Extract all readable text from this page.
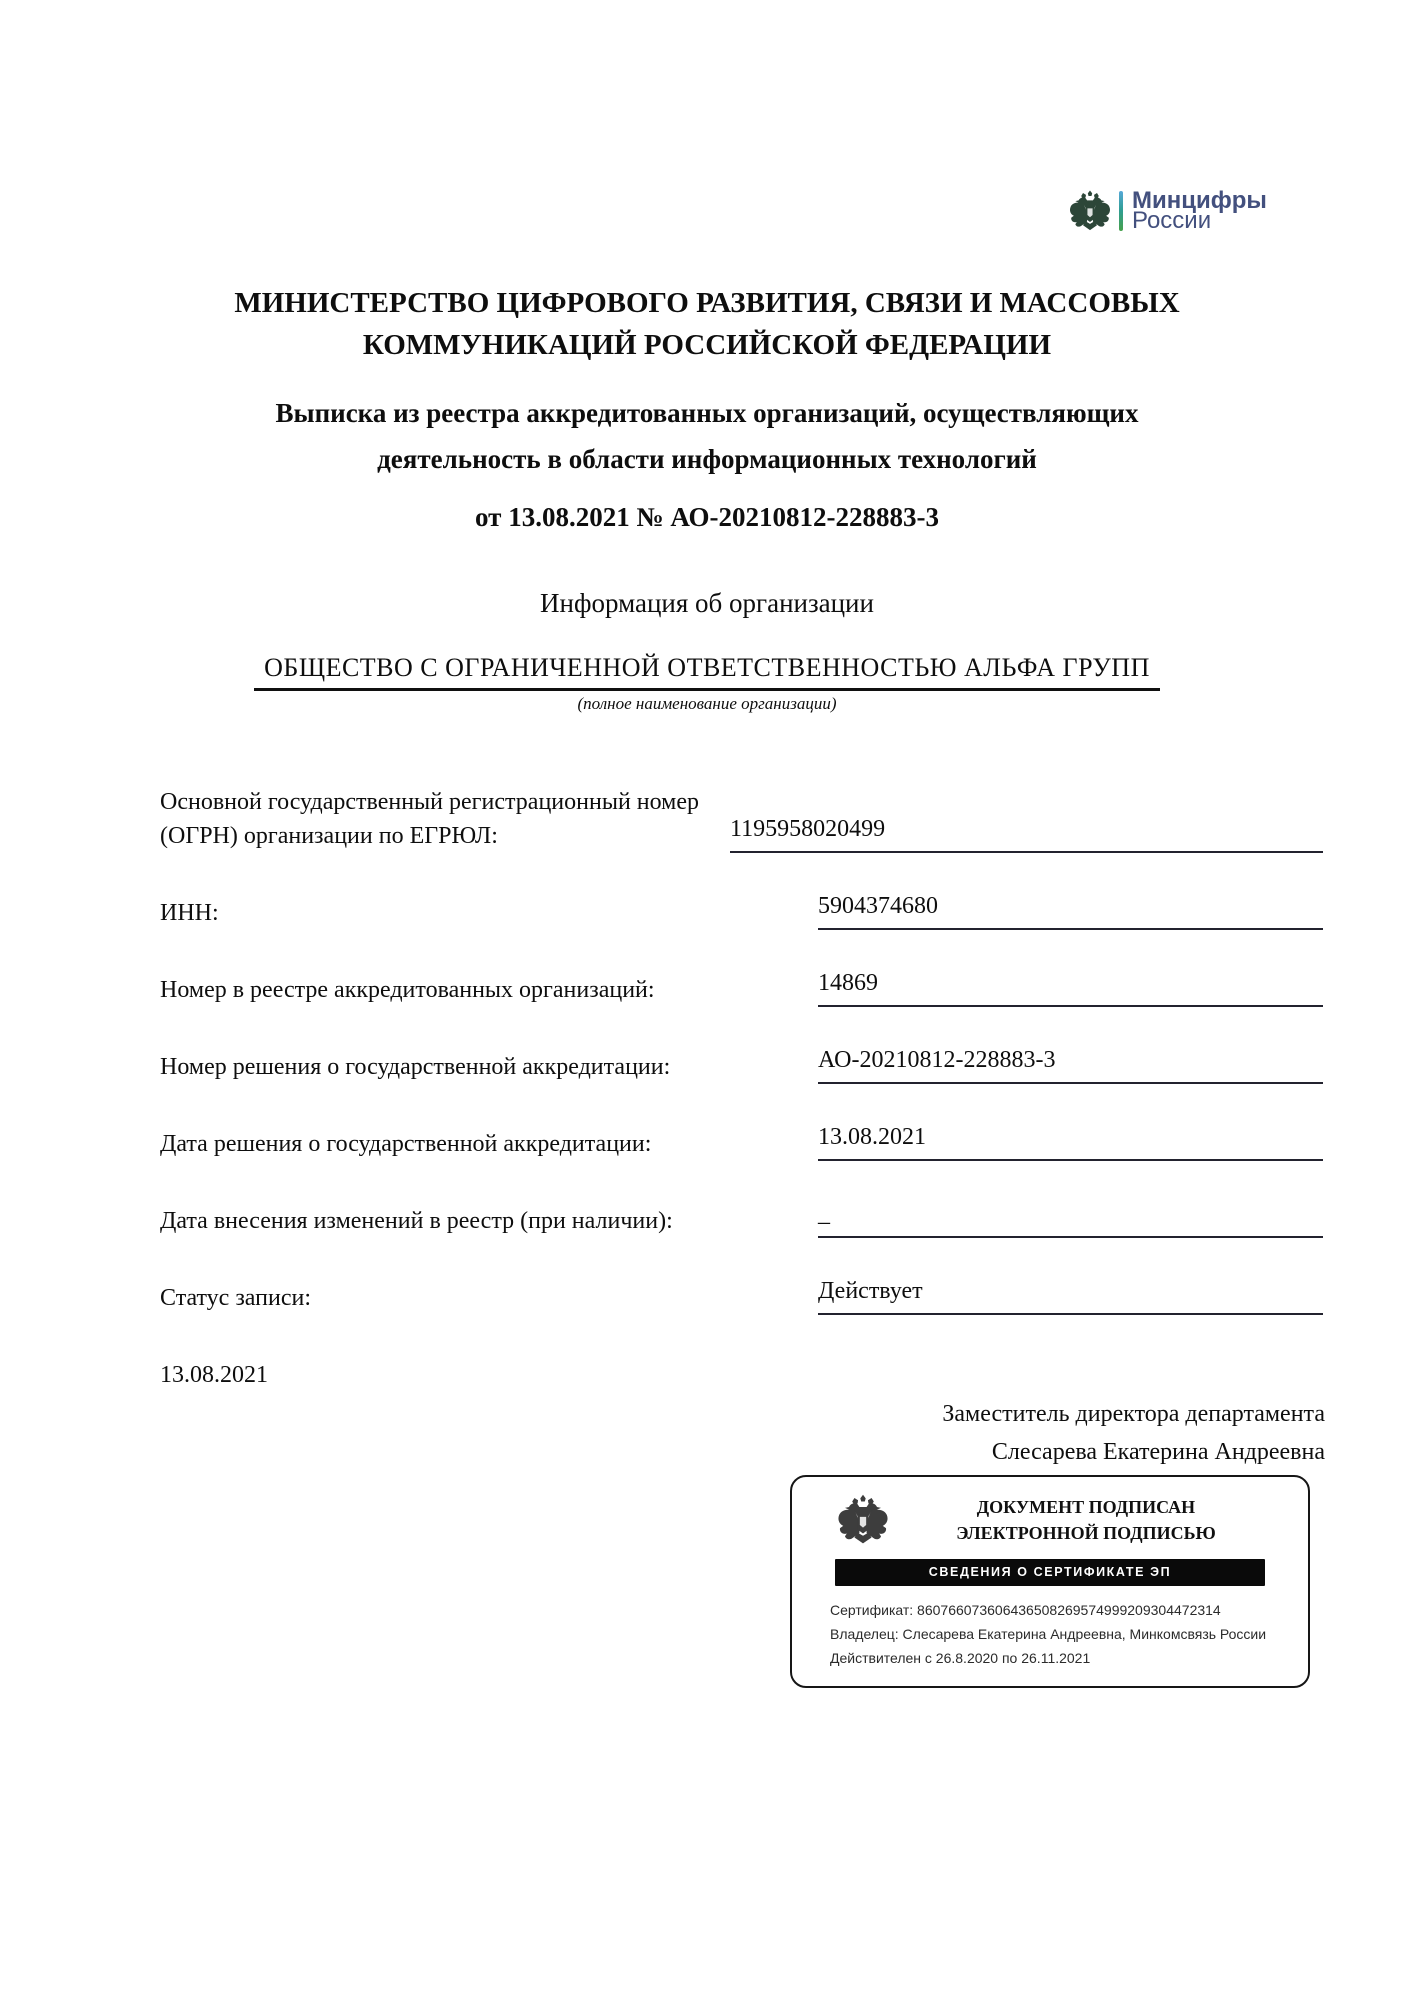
Минцифры
России
МИНИСТЕРСТВО ЦИФРОВОГО РАЗВИТИЯ, СВЯЗИ И МАССОВЫХ КОММУНИКАЦИЙ РОССИЙСКОЙ ФЕДЕРАЦИИ
Выписка из реестра аккредитованных организаций, осуществляющих деятельность в области информационных технологий
от 13.08.2021 № АО-20210812-228883-3
Информация об организации
ОБЩЕСТВО С ОГРАНИЧЕННОЙ ОТВЕТСТВЕННОСТЬЮ АЛЬФА ГРУПП
(полное наименование организации)
Основной государственный регистрационный номер (ОГРН) организации по ЕГРЮЛ:	1195958020499
ИНН:	5904374680
Номер в реестре аккредитованных организаций:	14869
Номер решения о государственной аккредитации:	АО-20210812-228883-3
Дата решения о государственной аккредитации:	13.08.2021
Дата внесения изменений в реестр (при наличии):	_
Статус записи:	Действует
13.08.2021
Заместитель директора департамента
Слесарева Екатерина Андреевна
ДОКУМЕНТ ПОДПИСАН
ЭЛЕКТРОННОЙ ПОДПИСЬЮ
СВЕДЕНИЯ О СЕРТИФИКАТЕ ЭП
Сертификат: 860766073606436508269574999209304472314
Владелец: Слесарева Екатерина Андреевна, Минкомсвязь России
Действителен с 26.8.2020 по 26.11.2021
